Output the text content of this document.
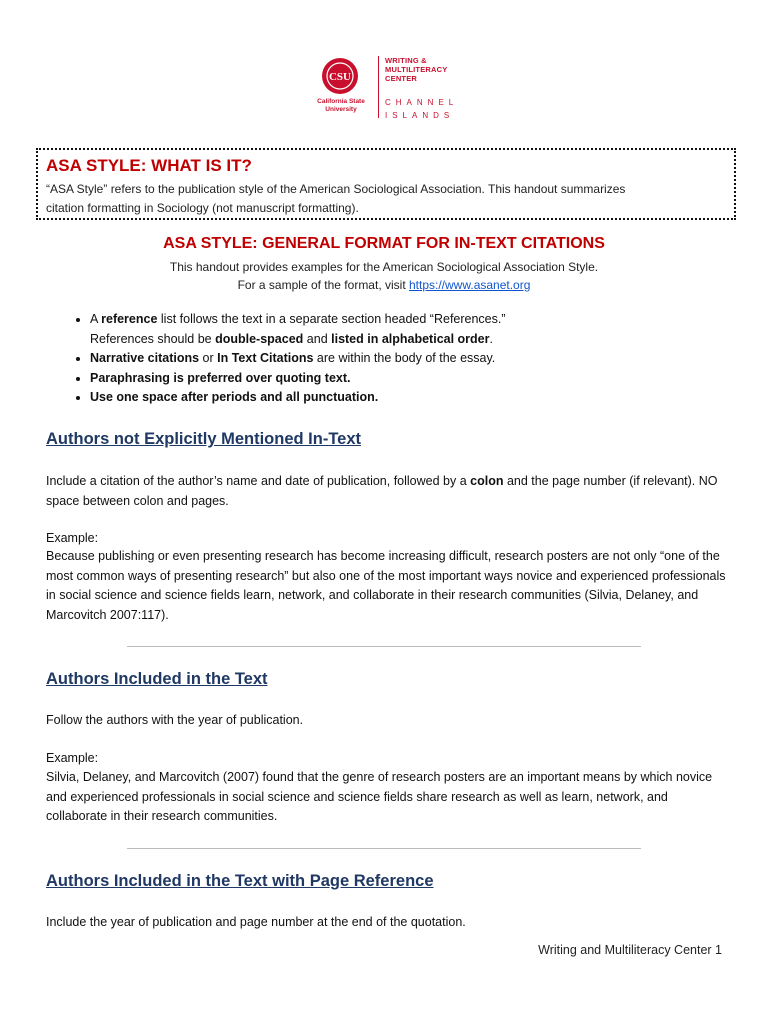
CSU
California State
University
WRITING &
MULTILITERACY
CENTER
CHANNEL
ISLANDS
ASA STYLE: WHAT IS IT?

“ASA Style” refers to the publication style of the American Sociological Association. This handout summarizes
citation formatting in Sociology (not manuscript formatting).

ASA STYLE: GENERAL FORMAT FOR IN-TEXT CITATIONS
This handout provides examples for the American Sociological Association Style.
For a sample of the format, visit https://www.asanet.org
• A reference list follows the text in a separate section headed “References.”
References should be double-spaced and listed in alphabetical order.
• Narrative citations or In Text Citations are within the body of the essay.
• Paraphrasing is preferred over quoting text.
• Use one space after periods and all punctuation.
Authors not Explicitly Mentioned In-Text

Include a citation of the author’s name and date of publication, followed by a colon and the page number (if relevant). NO space between colon and pages.

Example:

Because publishing or even presenting research has become increasing difficult, research posters are not only “one of the most common ways of presenting research” but also one of the most important ways novice and experienced professionals in social science and science fields learn, network, and collaborate in their research communities (Silvia, Delaney, and Marcovitch 2007:117).

Authors Included in the Text

Follow the authors with the year of publication.

Example:

Silvia, Delaney, and Marcovitch (2007) found that the genre of research posters are an important means by which novice and experienced professionals in social science and science fields share research as well as learn, network, and collaborate in their research communities.

Authors Included in the Text with Page Reference

Include the year of publication and page number at the end of the quotation.

Writing and Multiliteracy Center 1
